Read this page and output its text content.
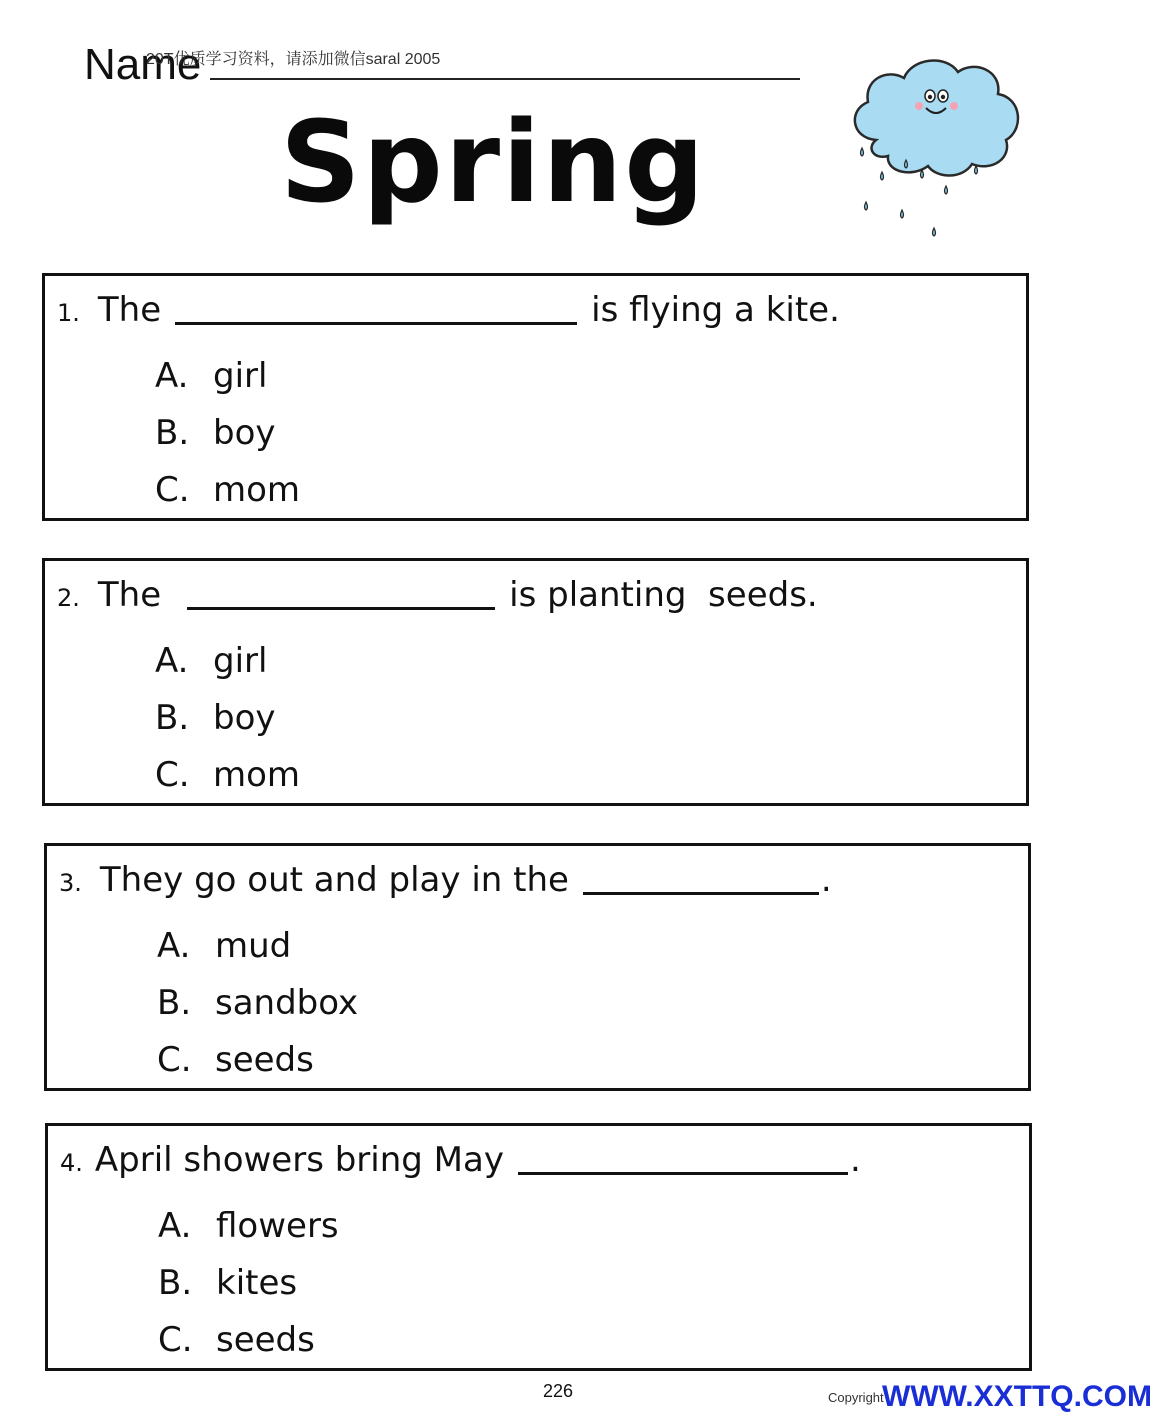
Name
20T优质学习资料，请添加微信saral 2005
Spring
1. The	is flying a kite.
A. girl
B. boy
C. mom
2. The	is planting  seeds.
A. girl
B. boy
C. mom
3. They go out and play in the	.
A. mud
B. sandbox
C. seeds
4. April showers bring May	.
A. flowers
B. kites
C. seeds
226	Copyright
WWW.XXTTQ.COM
